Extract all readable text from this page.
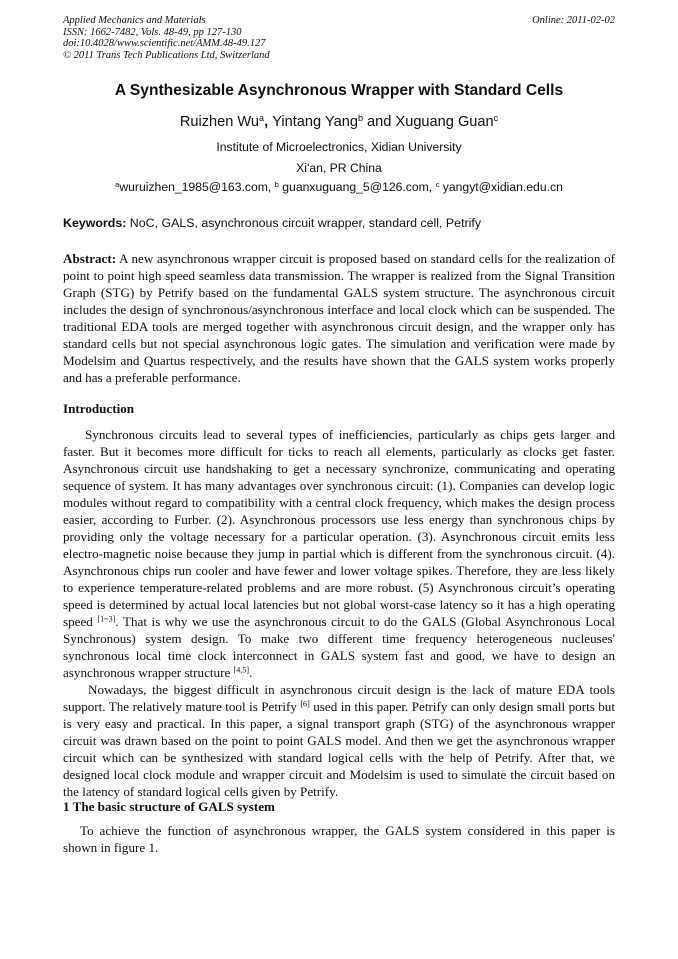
Applied Mechanics and Materials
ISSN: 1662-7482, Vols. 48-49, pp 127-130
doi:10.4028/www.scientific.net/AMM.48-49.127
© 2011 Trans Tech Publications Ltd, Switzerland
Online: 2011-02-02
A Synthesizable Asynchronous Wrapper with Standard Cells
Ruizhen Wu$^a$, Yintang Yang$^b$ and Xuguang Guan$^c$
Institute of Microelectronics, Xidian University
Xi'an, PR China
$^a$wuruizhen_1985@163.com, $^b$ guanxuguang_5@126.com, $^c$ yangyt@xidian.edu.cn
Keywords: NoC, GALS, asynchronous circuit wrapper, standard cell, Petrify

Abstract: A new asynchronous wrapper circuit is proposed based on standard cells for the realization of point to point high speed seamless data transmission. The wrapper is realized from the Signal Transition Graph (STG) by Petrify based on the fundamental GALS system structure. The asynchronous circuit includes the design of synchronous/asynchronous interface and local clock which can be suspended. The traditional EDA tools are merged together with asynchronous circuit design, and the wrapper only has standard cells but not special asynchronous logic gates. The simulation and verification were made by Modelsim and Quartus respectively, and the results have shown that the GALS system works properly and has a preferable performance.

Introduction

Synchronous circuits lead to several types of inefficiencies, particularly as chips gets larger and faster. But it becomes more difficult for ticks to reach all elements, particularly as clocks get faster. Asynchronous circuit use handshaking to get a necessary synchronize, communicating and operating sequence of system. It has many advantages over synchronous circuit: (1). Companies can develop logic modules without regard to compatibility with a central clock frequency, which makes the design process easier, according to Furber. (2). Asynchronous processors use less energy than synchronous chips by providing only the voltage necessary for a particular operation. (3). Asynchronous circuit emits less electro-magnetic noise because they jump in partial which is different from the synchronous circuit. (4). Asynchronous chips run cooler and have fewer and lower voltage spikes. Therefore, they are less likely to experience temperature-related problems and are more robust. (5) Asynchronous circuit’s operating speed is determined by actual local latencies but not global worst-case latency so it has a high operating speed [1~3]. That is why we use the asynchronous circuit to do the GALS (Global Asynchronous Local Synchronous) system design. To make two different time frequency heterogeneous nucleuses' synchronous local time clock interconnect in GALS system fast and good, we have to design an asynchronous wrapper structure [4,5].

Nowadays, the biggest difficult in asynchronous circuit design is the lack of mature EDA tools support. The relatively mature tool is Petrify [6] used in this paper. Petrify can only design small ports but is very easy and practical. In this paper, a signal transport graph (STG) of the asynchronous wrapper circuit was drawn based on the point to point GALS model. And then we get the asynchronous wrapper circuit which can be synthesized with standard logical cells with the help of Petrify. After that, we designed local clock module and wrapper circuit and Modelsim is used to simulate the circuit based on the latency of standard logical cells given by Petrify.

1 The basic structure of GALS system

To achieve the function of asynchronous wrapper, the GALS system considered in this paper is shown in figure 1.
